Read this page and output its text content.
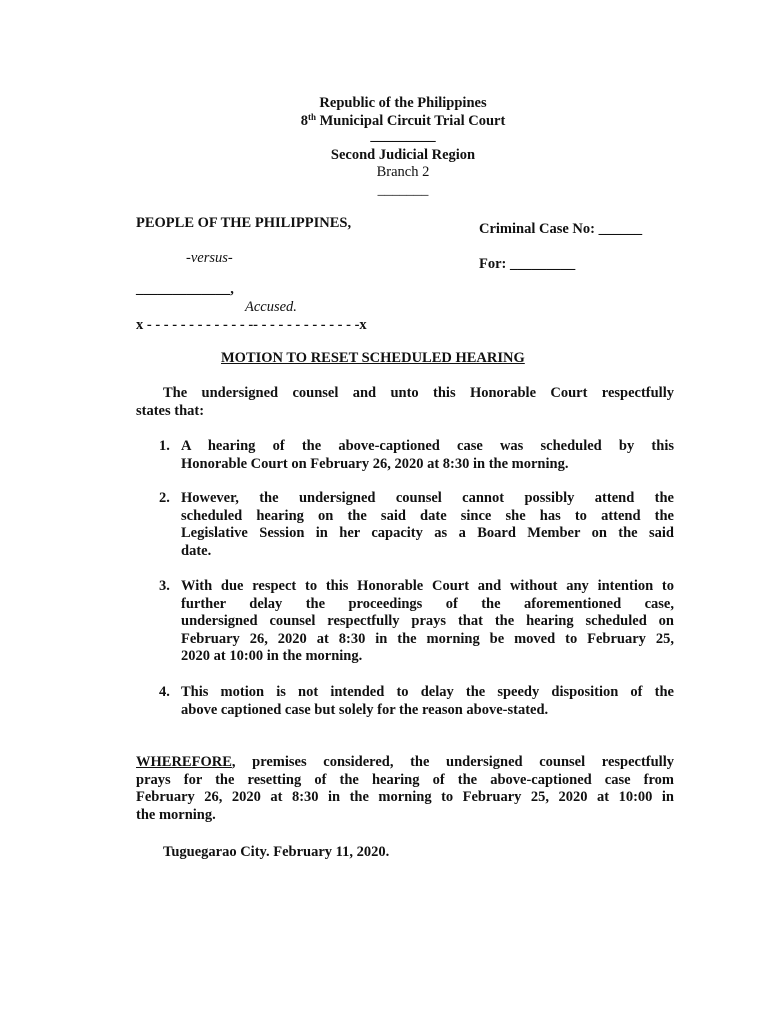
Republic of the Philippines
8th Municipal Circuit Trial Court
_________
Second Judicial Region
Branch 2
_______
PEOPLE OF THE PHILIPPINES,
-versus-
_____________,
Accused.
x - - - - - - - - - - - - -- - - - - - - - - - - - -x
Criminal Case No: ______
For: _________
MOTION TO RESET SCHEDULED HEARING
The undersigned counsel and unto this Honorable Court respectfully
states that:
1. A hearing of the above-captioned case was scheduled by this
Honorable Court on February 26, 2020 at 8:30 in the morning.
2. However, the undersigned counsel cannot possibly attend the
scheduled hearing on the said date since she has to attend the
Legislative Session in her capacity as a Board Member on the said
date.
3. With due respect to this Honorable Court and without any intention to
further delay the proceedings of the aforementioned case,
undersigned counsel respectfully prays that the hearing scheduled on
February 26, 2020 at 8:30 in the morning be moved to February 25,
2020 at 10:00 in the morning.
4. This motion is not intended to delay the speedy disposition of the
above captioned case but solely for the reason above-stated.
WHEREFORE, premises considered, the undersigned counsel respectfully
prays for the resetting of the hearing of the above-captioned case from
February 26, 2020 at 8:30 in the morning to February 25, 2020 at 10:00 in
the morning.
Tuguegarao City. February 11, 2020.
